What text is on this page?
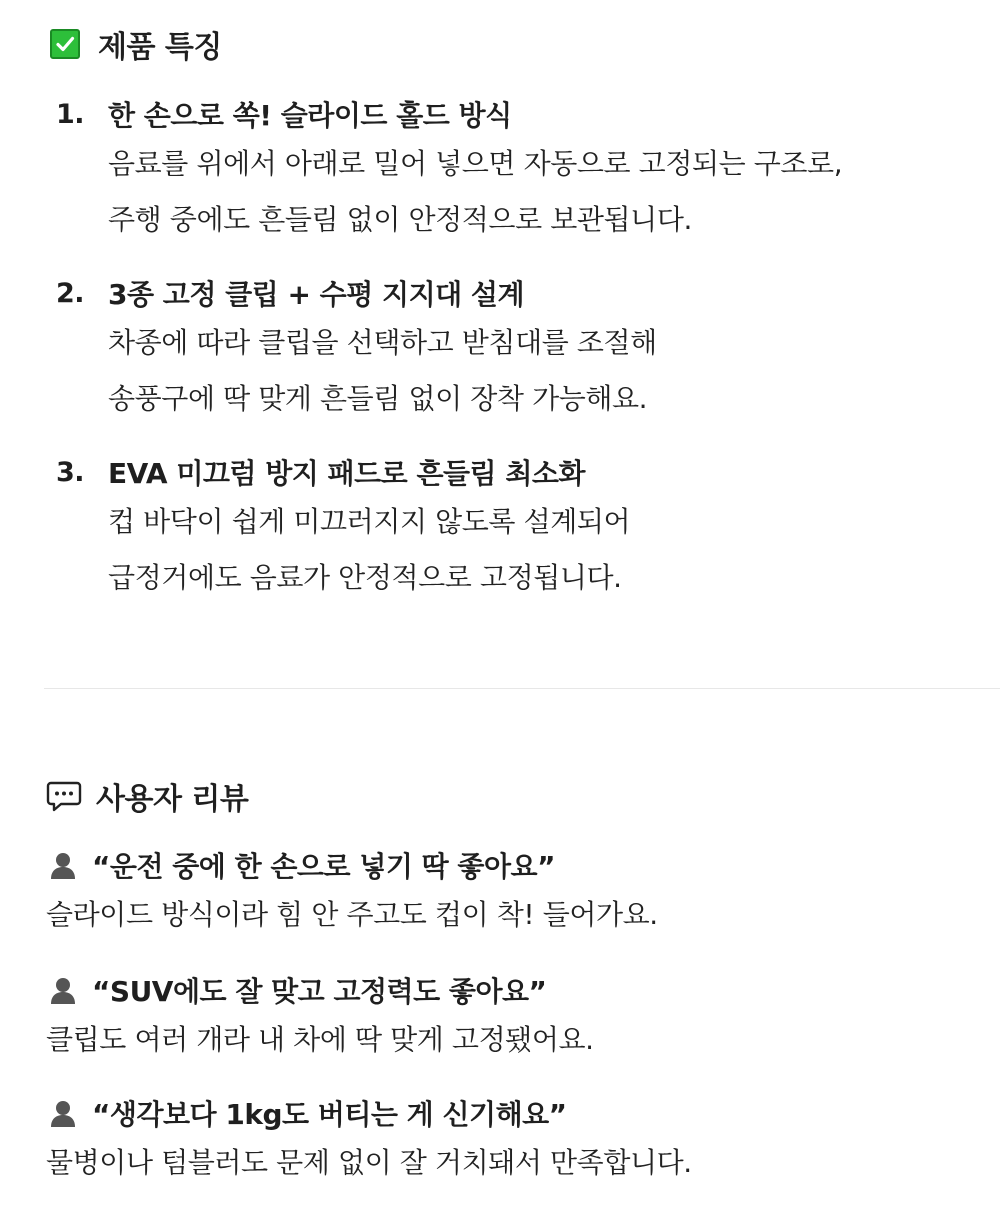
제품 특징
1. 한 손으로 쏙! 슬라이드 홀드 방식
음료를 위에서 아래로 밀어 넣으면 자동으로 고정되는 구조로,
주행 중에도 흔들림 없이 안정적으로 보관됩니다.
2. 3종 고정 클립 + 수평 지지대 설계
차종에 따라 클립을 선택하고 받침대를 조절해
송풍구에 딱 맞게 흔들림 없이 장착 가능해요.
3. EVA 미끄럼 방지 패드로 흔들림 최소화
컵 바닥이 쉽게 미끄러지지 않도록 설계되어
급정거에도 음료가 안정적으로 고정됩니다.
사용자 리뷰
“운전 중에 한 손으로 넣기 딱 좋아요”
슬라이드 방식이라 힘 안 주고도 컵이 착! 들어가요.
“SUV에도 잘 맞고 고정력도 좋아요”
클립도 여러 개라 내 차에 딱 맞게 고정됐어요.
“생각보다 1kg도 버티는 게 신기해요”
물병이나 텀블러도 문제 없이 잘 거치돼서 만족합니다.
